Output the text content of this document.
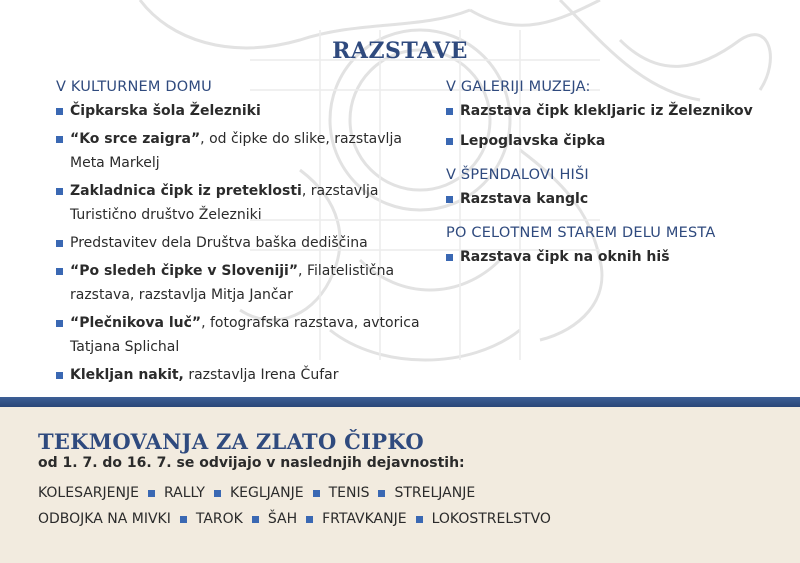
RAZSTAVE
V KULTURNEM DOMU
Čipkarska šola Železniki
“Ko srce zaigra”, od čipke do slike, razstavlja Meta Markelj
Zakladnica čipk iz preteklosti, razstavlja Turistično društvo Železniki
Predstavitev dela Društva baška dediščina
“Po sledeh čipke v Sloveniji”, Filatelistična razstava, razstavlja Mitja Jančar
“Plečnikova luč”, fotografska razstava, avtorica Tatjana Splichal
Kleklјan nakit, razstavlja Irena Čufar
V GALERIJI MUZEJA:
Razstava čipk klekljaric iz Železnikov
Lepoglavska čipka
V ŠPENDALOVI HIŠI
Razstava kanglc
PO CELOTNEM STAREM DELU MESTA
Razstava čipk na oknih hiš
TEKMOVANJA ZA ZLATO ČIPKO
od 1. 7. do 16. 7. se odvijajo v naslednjih dejavnostih:
KOLESARJENJE RALLY KEGLJANJE TENIS STRELJANJE
ODBOJKA NA MIVKI TAROK ŠAH FRTAVKANJE LOKOSTRELSTVO
